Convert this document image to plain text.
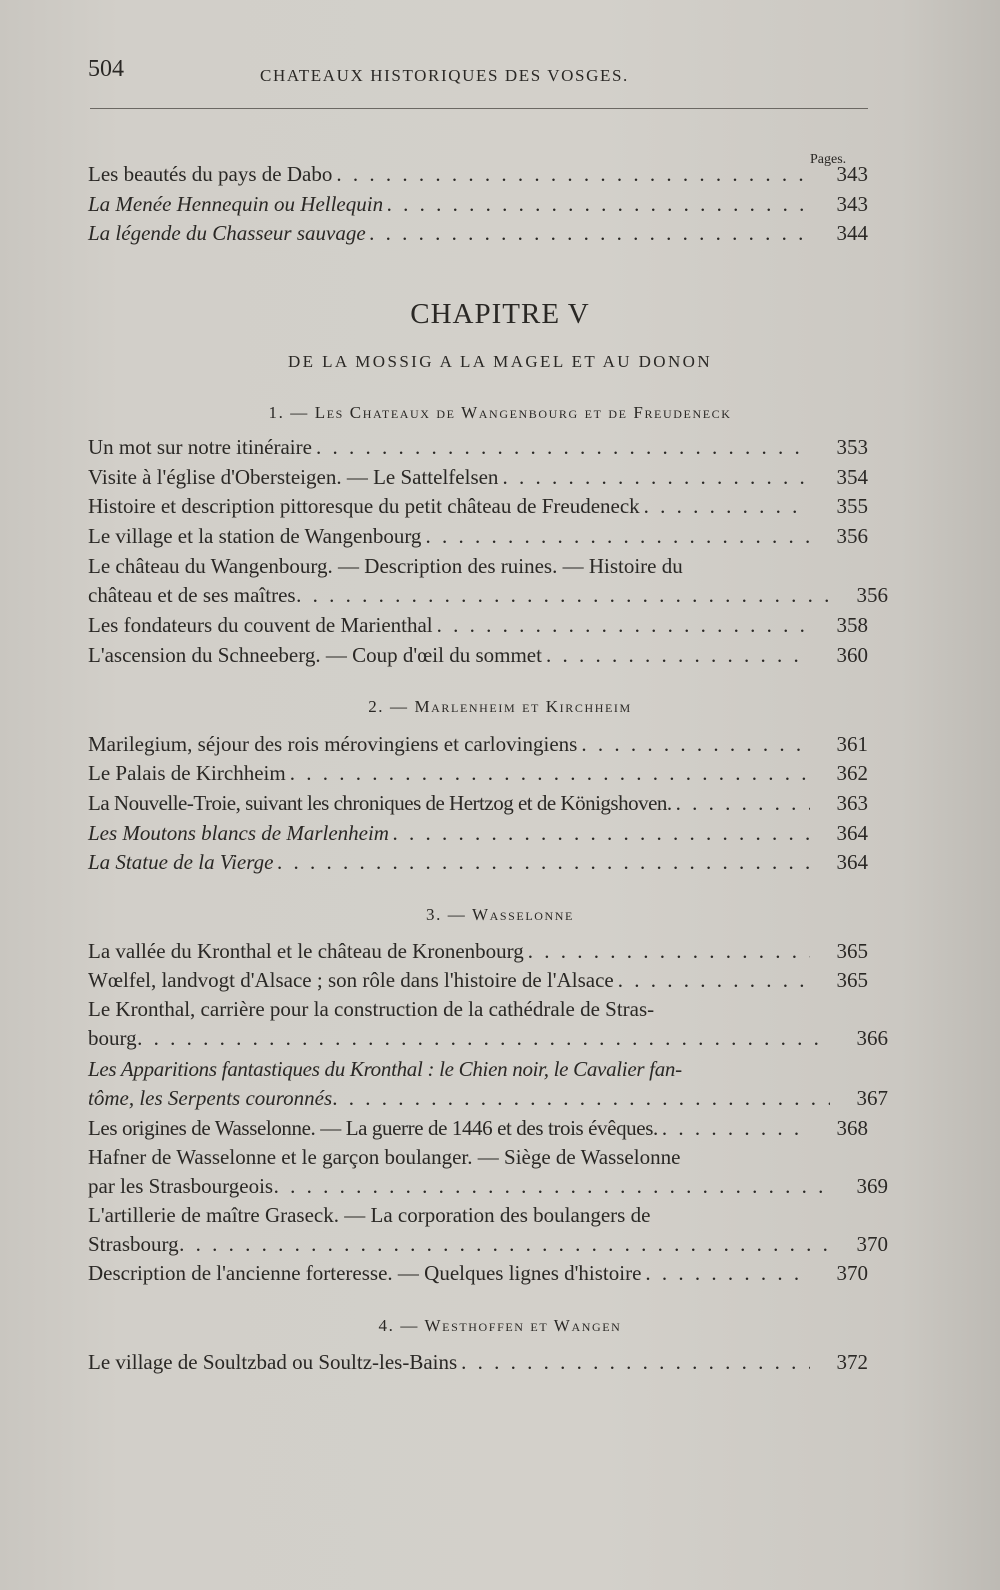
504	CHATEAUX HISTORIQUES DES VOSGES.
Pages.
Les beautés du pays de Dabo . . .	343
La Menée Hennequin ou Hellequin . . .	343
La légende du Chasseur sauvage . . .	344
CHAPITRE V
DE LA MOSSIG A LA MAGEL ET AU DONON
1. — Les Chateaux de Wangenbourg et de Freudeneck
Un mot sur notre itinéraire . . .	353
Visite à l'église d'Obersteigen. — Le Sattelfelsen . . .	354
Histoire et description pittoresque du petit château de Freudeneck . . .	355
Le village et la station de Wangenbourg . . .	356
Le château du Wangenbourg. — Description des ruines. — Histoire du
château et de ses maîtres . . .	356
Les fondateurs du couvent de Marienthal . . .	358
L'ascension du Schneeberg. — Coup d'œil du sommet . . .	360
2. — Marlenheim et Kirchheim
Marilegium, séjour des rois mérovingiens et carlovingiens . . .	361
Le Palais de Kirchheim . . .	362
La Nouvelle-Troie, suivant les chroniques de Hertzog et de Königshoven. . . .	363
Les Moutons blancs de Marlenheim . . .	364
La Statue de la Vierge . . .	364
3. — Wasselonne
La vallée du Kronthal et le château de Kronenbourg . . .	365
Wœlfel, landvogt d'Alsace ; son rôle dans l'histoire de l'Alsace . . .	365
Le Kronthal, carrière pour la construction de la cathédrale de Stras-
bourg . . .	366
Les Apparitions fantastiques du Kronthal : le Chien noir, le Cavalier fan-
tôme, les Serpents couronnés . . .	367
Les origines de Wasselonne. — La guerre de 1446 et des trois évêques. . . .	368
Hafner de Wasselonne et le garçon boulanger. — Siège de Wasselonne
par les Strasbourgeois . . .	369
L'artillerie de maître Graseck. — La corporation des boulangers de
Strasbourg . . .	370
Description de l'ancienne forteresse. — Quelques lignes d'histoire . . .	370
4. — Westhoffen et Wangen
Le village de Soultzbad ou Soultz-les-Bains . . .	372
